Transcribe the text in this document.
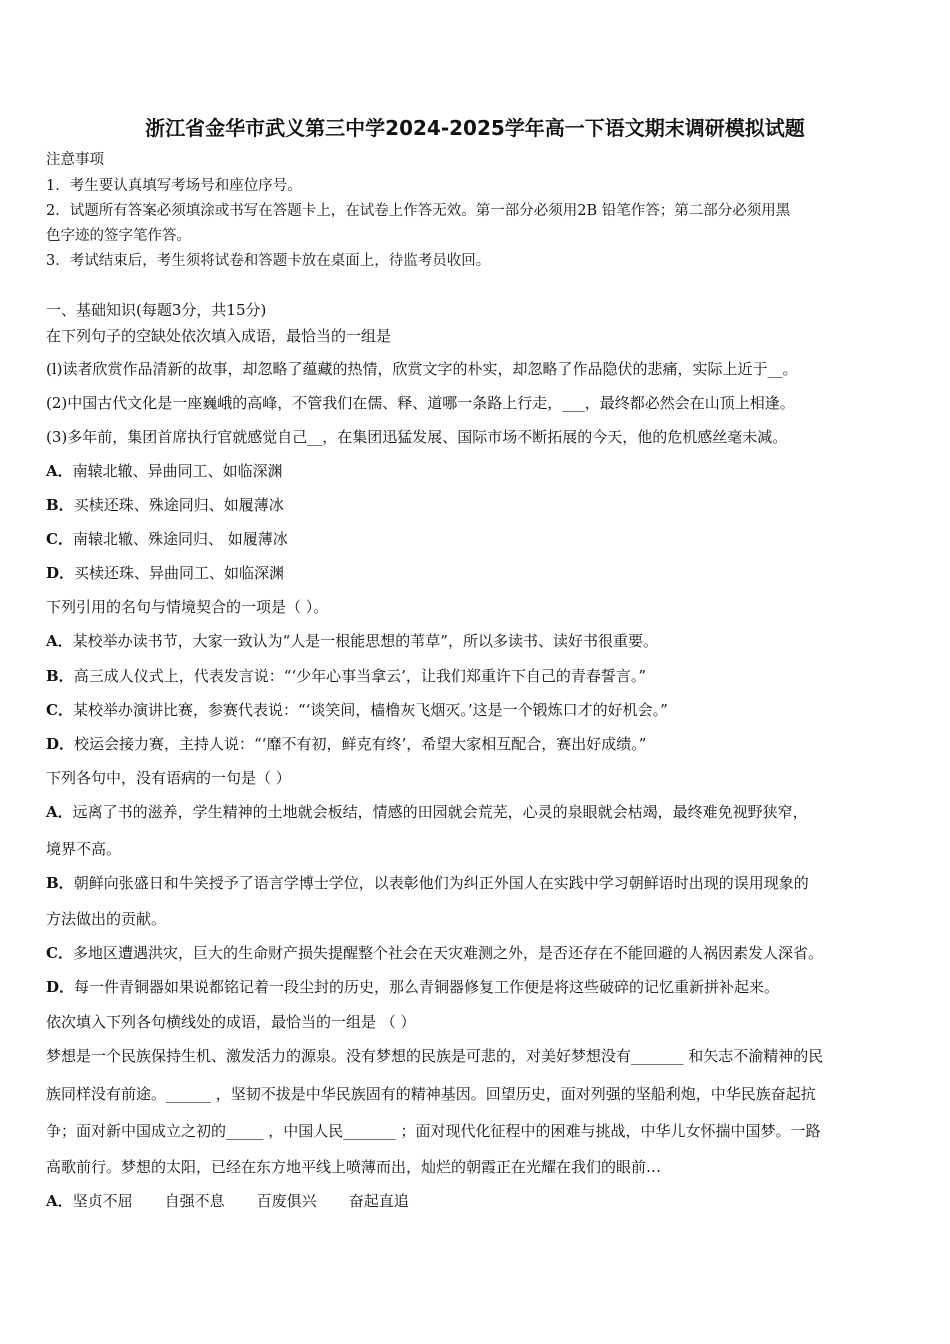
浙江省金华市武义第三中学2024-2025学年高一下语文期末调研模拟试题
注意事项
1．考生要认真填写考场号和座位序号。
2．试题所有答案必须填涂或书写在答题卡上，在试卷上作答无效。第一部分必须用2B 铅笔作答；第二部分必须用黑
色字迹的签字笔作答。
3．考试结束后，考生须将试卷和答题卡放在桌面上，待监考员收回。
一、基础知识(每题3分，共15分)
在下列句子的空缺处依次填入成语，最恰当的一组是
(l)读者欣赏作品清新的故事，却忽略了蕴藏的热情，欣赏文字的朴实，却忽略了作品隐伏的悲痛，实际上近于__。
(2)中国古代文化是一座巍峨的高峰，不管我们在儒、释、道哪一条路上行走，___，最终都必然会在山顶上相逢。
(3)多年前，集团首席执行官就感觉自己__，在集团迅猛发展、国际市场不断拓展的今天，他的危机感丝毫未减。
A．南辕北辙、异曲同工、如临深渊
B．买椟还珠、殊途同归、如履薄冰
C．南辕北辙、殊途同归、 如履薄冰
D．买椟还珠、异曲同工、如临深渊
下列引用的名句与情境契合的一项是（ ）。
A．某校举办读书节，大家一致认为“人是一根能思想的苇草”，所以多读书、读好书很重要。
B．高三成人仪式上，代表发言说：“‘少年心事当拿云’，让我们郑重许下自己的青春誓言。”
C．某校举办演讲比赛，参赛代表说：“‘谈笑间，樯橹灰飞烟灭。’这是一个锻炼口才的好机会。”
D．校运会接力赛，主持人说：“‘靡不有初，鲜克有终’，希望大家相互配合，赛出好成绩。”
下列各句中，没有语病的一句是（ ）
A．远离了书的滋养，学生精神的土地就会板结，情感的田园就会荒芜，心灵的泉眼就会枯竭，最终难免视野狭窄，
境界不高。
B．朝鲜向张盛日和牛笑授予了语言学博士学位，以表彰他们为纠正外国人在实践中学习朝鲜语时出现的误用现象的
方法做出的贡献。
C．多地区遭遇洪灾，巨大的生命财产损失提醒整个社会在天灾难测之外，是否还存在不能回避的人祸因素发人深省。
D．每一件青铜器如果说都铭记着一段尘封的历史，那么青铜器修复工作便是将这些破碎的记忆重新拼补起来。
依次填入下列各句横线处的成语，最恰当的一组是 （ ）
梦想是一个民族保持生机、激发活力的源泉。没有梦想的民族是可悲的，对美好梦想没有_______ 和矢志不渝精神的民
族同样没有前途。______ ，坚韧不拔是中华民族固有的精神基因。回望历史，面对列强的坚船利炮，中华民族奋起抗
争；面对新中国成立之初的_____ ，中国人民_______ ；面对现代化征程中的困难与挑战，中华儿女怀揣中国梦。一路
高歌前行。梦想的太阳，已经在东方地平线上喷薄而出，灿烂的朝霞正在光耀在我们的眼前…
A．坚贞不屈 自强不息 百废俱兴 奋起直追
